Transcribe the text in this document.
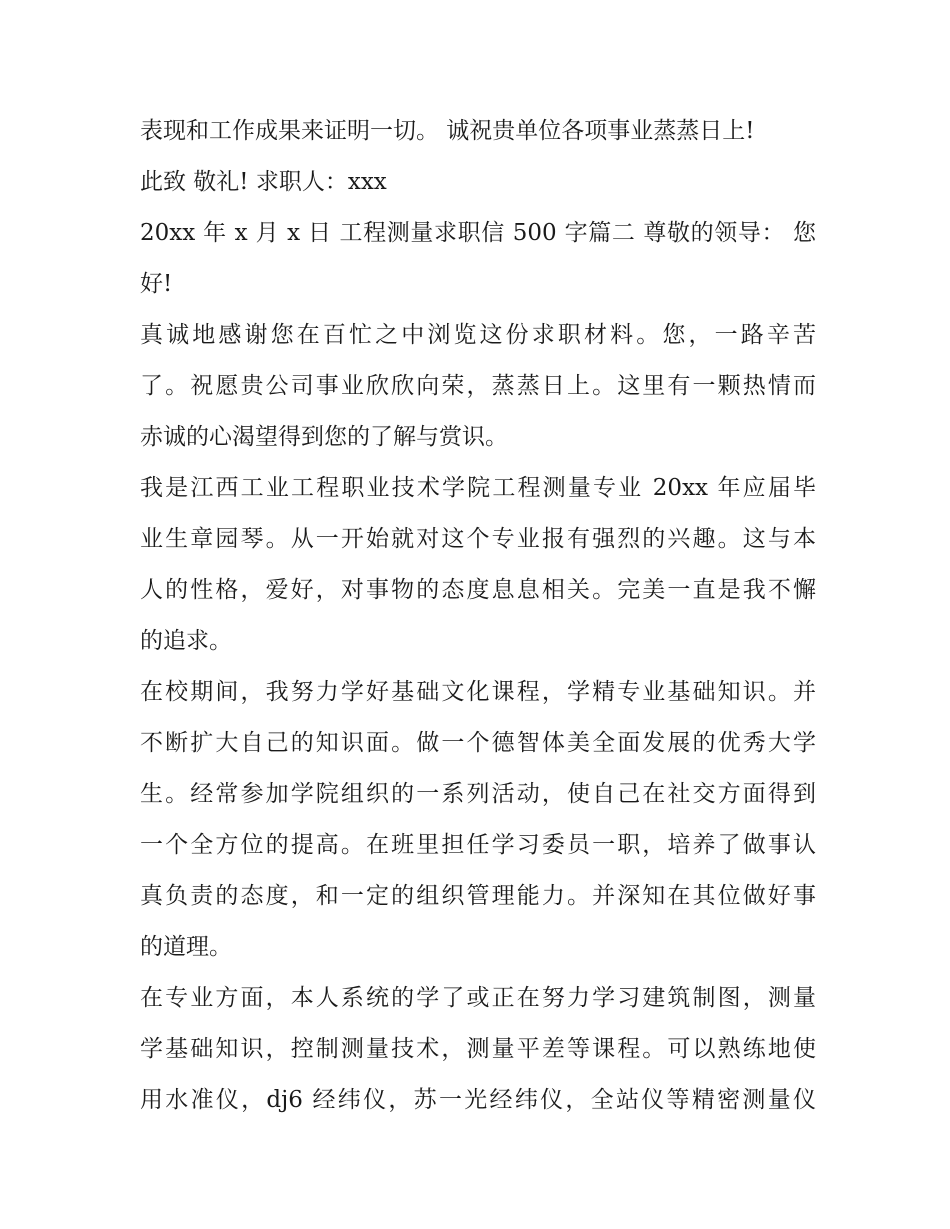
表现和工作成果来证明一切。 诚祝贵单位各项事业蒸蒸日上!
此致 敬礼! 求职人：xxx
20xx 年 x 月 x 日 工程测量求职信 500 字篇二 尊敬的领导： 您
好!
真诚地感谢您在百忙之中浏览这份求职材料。您，一路辛苦
了。祝愿贵公司事业欣欣向荣，蒸蒸日上。这里有一颗热情而
赤诚的心渴望得到您的了解与赏识。
我是江西工业工程职业技术学院工程测量专业 20xx 年应届毕
业生章园琴。从一开始就对这个专业报有强烈的兴趣。这与本
人的性格，爱好，对事物的态度息息相关。完美一直是我不懈
的追求。
在校期间，我努力学好基础文化课程，学精专业基础知识。并
不断扩大自己的知识面。做一个德智体美全面发展的优秀大学
生。经常参加学院组织的一系列活动，使自己在社交方面得到
一个全方位的提高。在班里担任学习委员一职，培养了做事认
真负责的态度，和一定的组织管理能力。并深知在其位做好事
的道理。
在专业方面，本人系统的学了或正在努力学习建筑制图，测量
学基础知识，控制测量技术，测量平差等课程。可以熟练地使
用水准仪，dj6 经纬仪，苏一光经纬仪，全站仪等精密测量仪
